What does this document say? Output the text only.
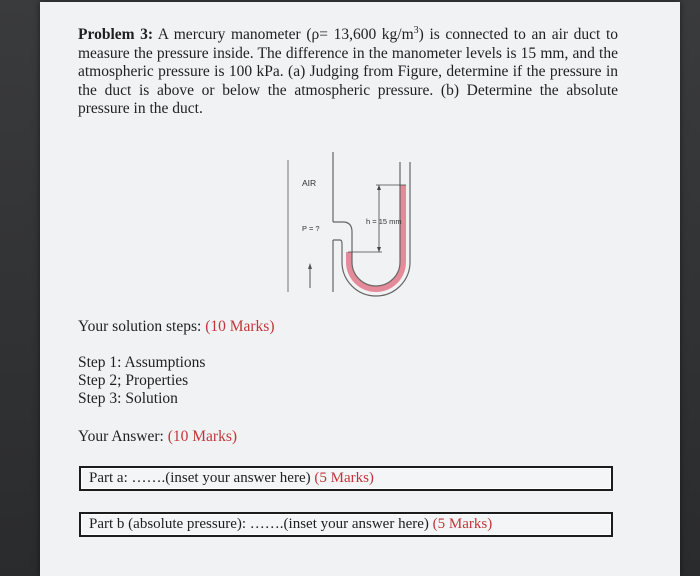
Problem 3: A mercury manometer (ρ= 13,600 $kg/m^3$) is connected to an air duct to measure the pressure inside. The difference in the manometer levels is 15 mm, and the atmospheric pressure is 100 kPa. (a) Judging from Figure, determine if the pressure in the duct is above or below the atmospheric pressure. (b) Determine the absolute pressure in the duct.
AIR
P = ?
h = 15 mm
Your solution steps: (10 Marks)
Step 1: Assumptions
Step 2; Properties
Step 3: Solution
Your Answer: (10 Marks)
Part a: …….(inset your answer here) (5 Marks)
Part b (absolute pressure): …….(inset your answer here) (5 Marks)
